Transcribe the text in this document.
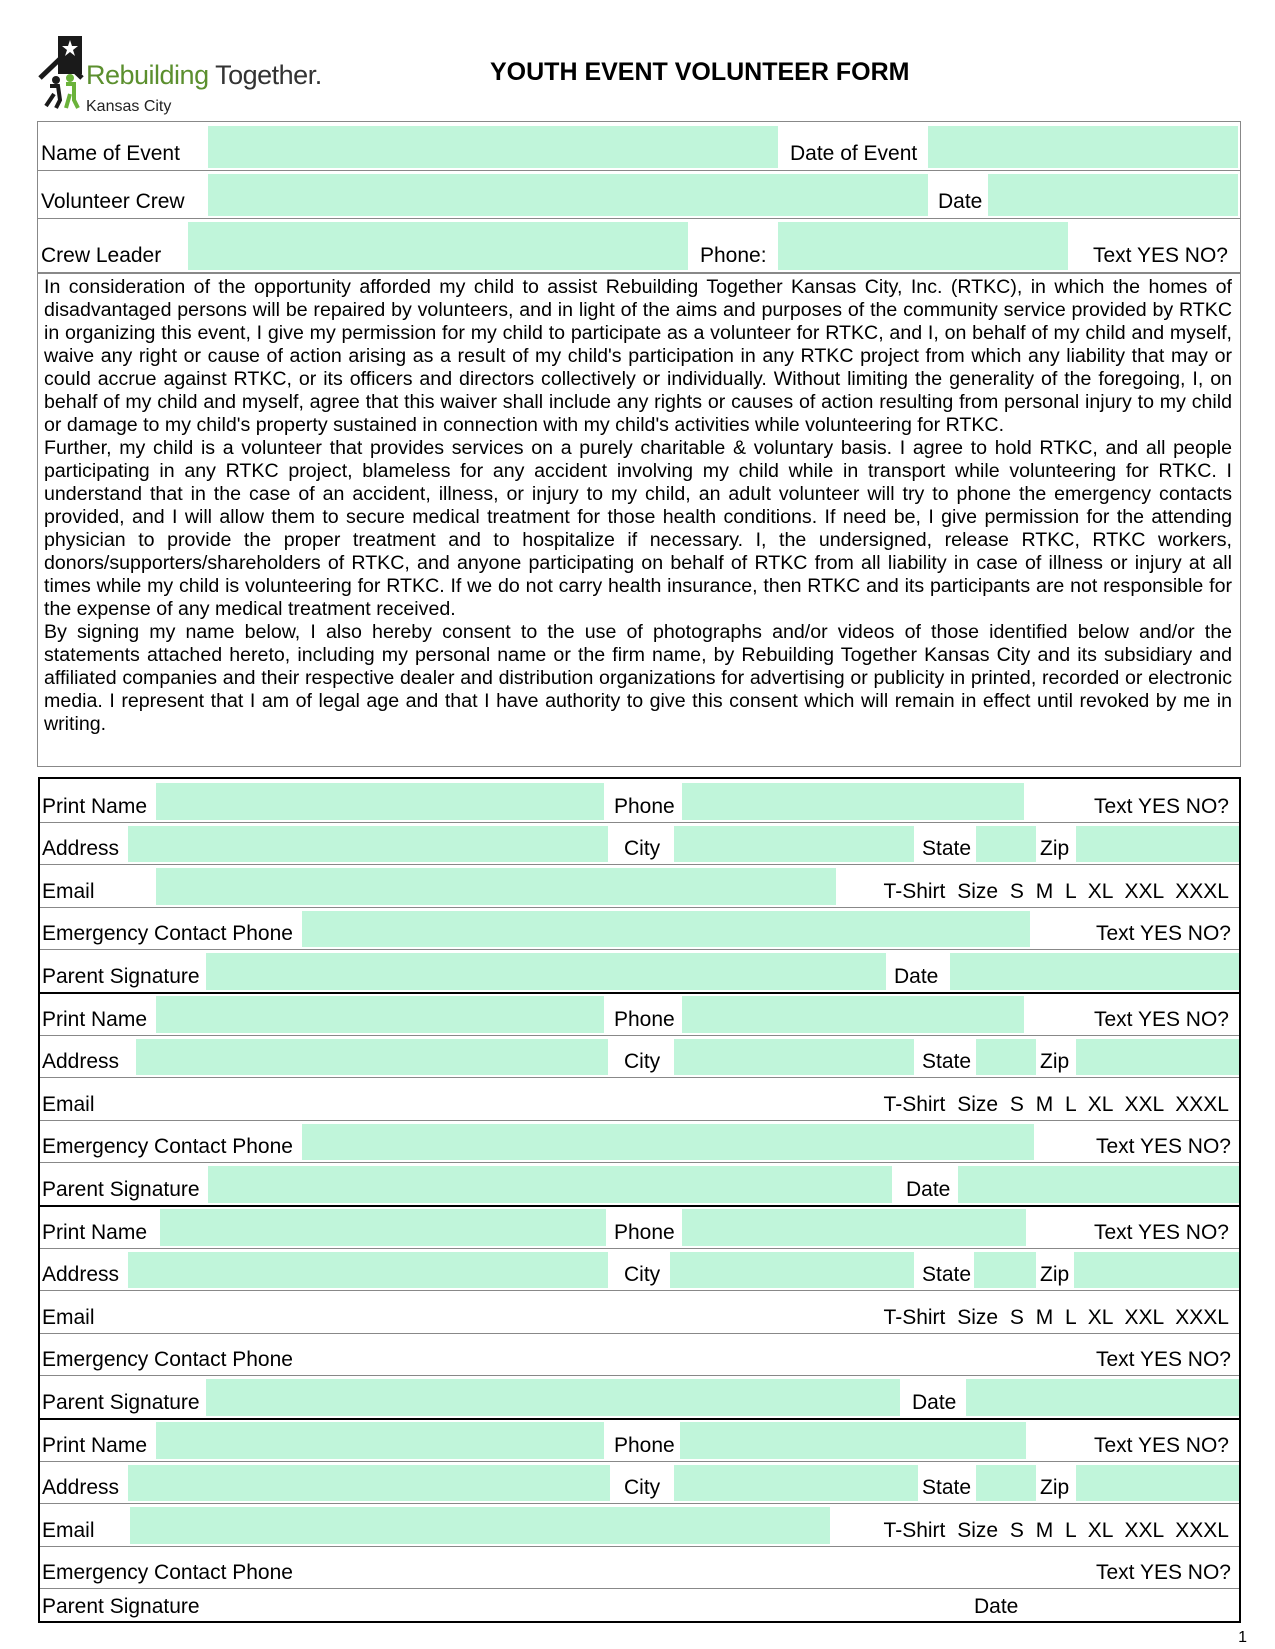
Rebuilding Together.
Kansas City
YOUTH EVENT VOLUNTEER FORM
Name of Event	Date of Event
Volunteer Crew	Date
Crew Leader	Phone:	Text YES NO?

In consideration of the opportunity afforded my child to assist Rebuilding Together Kansas City, Inc. (RTKC), in which the homes of disadvantaged persons will be repaired by volunteers, and in light of the aims and purposes of the community service provided by RTKC in organizing this event, I give my permission for my child to participate as a volunteer for RTKC, and I, on behalf of my child and myself, waive any right or cause of action arising as a result of my child's participation in any RTKC project from which any liability that may or could accrue against RTKC, or its officers and directors collectively or individually. Without limiting the generality of the foregoing, I, on behalf of my child and myself, agree that this waiver shall include any rights or causes of action resulting from personal injury to my child or damage to my child's property sustained in connection with my child's activities while volunteering for RTKC.

Further, my child is a volunteer that provides services on a purely charitable & voluntary basis. I agree to hold RTKC, and all people participating in any RTKC project, blameless for any accident involving my child while in transport while volunteering for RTKC. I understand that in the case of an accident, illness, or injury to my child, an adult volunteer will try to phone the emergency contacts provided, and I will allow them to secure medical treatment for those health conditions. If need be, I give permission for the attending physician to provide the proper treatment and to hospitalize if necessary. I, the undersigned, release RTKC, RTKC workers, donors/supporters/shareholders of RTKC, and anyone participating on behalf of RTKC from all liability in case of illness or injury at all times while my child is volunteering for RTKC. If we do not carry health insurance, then RTKC and its participants are not responsible for the expense of any medical treatment received.

By signing my name below, I also hereby consent to the use of photographs and/or videos of those identified below and/or the statements attached hereto, including my personal name or the firm name, by Rebuilding Together Kansas City and its subsidiary and affiliated companies and their respective dealer and distribution organizations for advertising or publicity in printed, recorded or electronic media. I represent that I am of legal age and that I have authority to give this consent which will remain in effect until revoked by me in writing.

Print Name	Phone	Text YES NO?
Address	City	State	Zip
Email	T-Shirt Size S M L XL XXL XXXL
Emergency Contact Phone	Text YES NO?
Parent Signature	Date
Print Name	Phone	Text YES NO?
Address	City	State	Zip
Email	T-Shirt Size S M L XL XXL XXXL
Emergency Contact Phone	Text YES NO?
Parent Signature	Date
Print Name	Phone	Text YES NO?
Address	City	State	Zip
Email	T-Shirt Size S M L XL XXL XXXL
Emergency Contact Phone	Text YES NO?
Parent Signature	Date
Print Name	Phone	Text YES NO?
Address	City	State	Zip
Email	T-Shirt Size S M L XL XXL XXXL
Emergency Contact Phone	Text YES NO?
Parent Signature	Date
1
